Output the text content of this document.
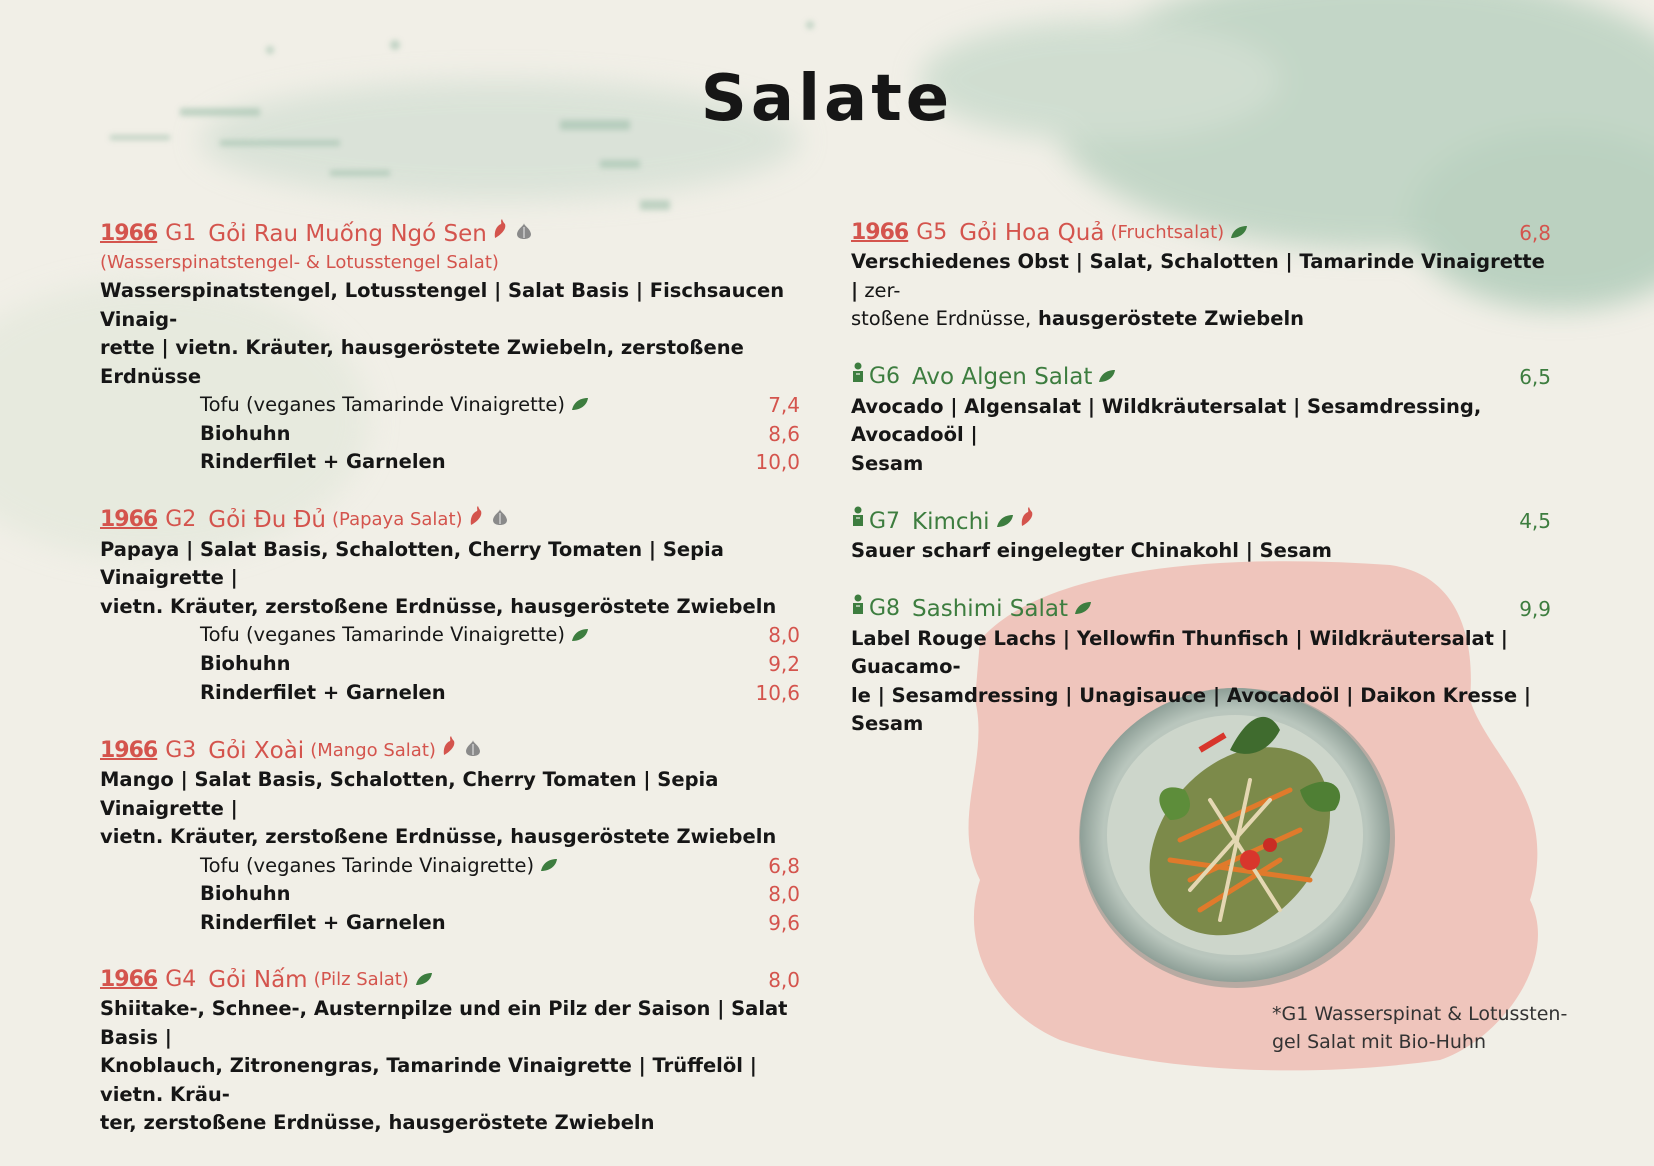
Salate
1966 G1 Gỏi Rau Muống Ngó Sen
(Wasserspinatstengel- & Lotusstengel Salat)
Wasserspinatstengel, Lotusstengel | Salat Basis | Fischsaucen Vinaig-
rette | vietn. Kräuter, hausgeröstete Zwiebeln, zerstoßene Erdnüsse
Tofu (veganes Tamarinde Vinaigrette)	7,4
Biohuhn	8,6
Rinderfilet + Garnelen	10,0
1966 G2 Gỏi Đu Đủ (Papaya Salat)
Papaya | Salat Basis, Schalotten, Cherry Tomaten | Sepia Vinaigrette |
vietn. Kräuter, zerstoßene Erdnüsse, hausgeröstete Zwiebeln
Tofu (veganes Tamarinde Vinaigrette)	8,0
Biohuhn	9,2
Rinderfilet + Garnelen	10,6
1966 G3 Gỏi Xoài (Mango Salat)
Mango | Salat Basis, Schalotten, Cherry Tomaten | Sepia Vinaigrette |
vietn. Kräuter, zerstoßene Erdnüsse, hausgeröstete Zwiebeln
Tofu (veganes Tarinde Vinaigrette)	6,8
Biohuhn	8,0
Rinderfilet + Garnelen	9,6
1966 G4 Gỏi Nấm (Pilz Salat)	8,0
Shiitake-, Schnee-, Austernpilze und ein Pilz der Saison | Salat Basis |
Knoblauch, Zitronengras, Tamarinde Vinaigrette | Trüffelöl | vietn. Kräu-
ter, zerstoßene Erdnüsse, hausgeröstete Zwiebeln
1966 G5 Gỏi Hoa Quả (Fruchtsalat)	6,8
Verschiedenes Obst | Salat, Schalotten | Tamarinde Vinaigrette | zer-
stoßene Erdnüsse, hausgeröstete Zwiebeln
G6 Avo Algen Salat	6,5
Avocado | Algensalat | Wildkräutersalat | Sesamdressing, Avocadoöl |
Sesam
G7 Kimchi	4,5
Sauer scharf eingelegter Chinakohl | Sesam
G8 Sashimi Salat	9,9
Label Rouge Lachs | Yellowfin Thunfisch | Wildkräutersalat | Guacamo-
le | Sesamdressing | Unagisauce | Avocadoöl | Daikon Kresse | Sesam
*G1 Wasserspinat & Lotussten-
gel Salat mit Bio-Huhn
